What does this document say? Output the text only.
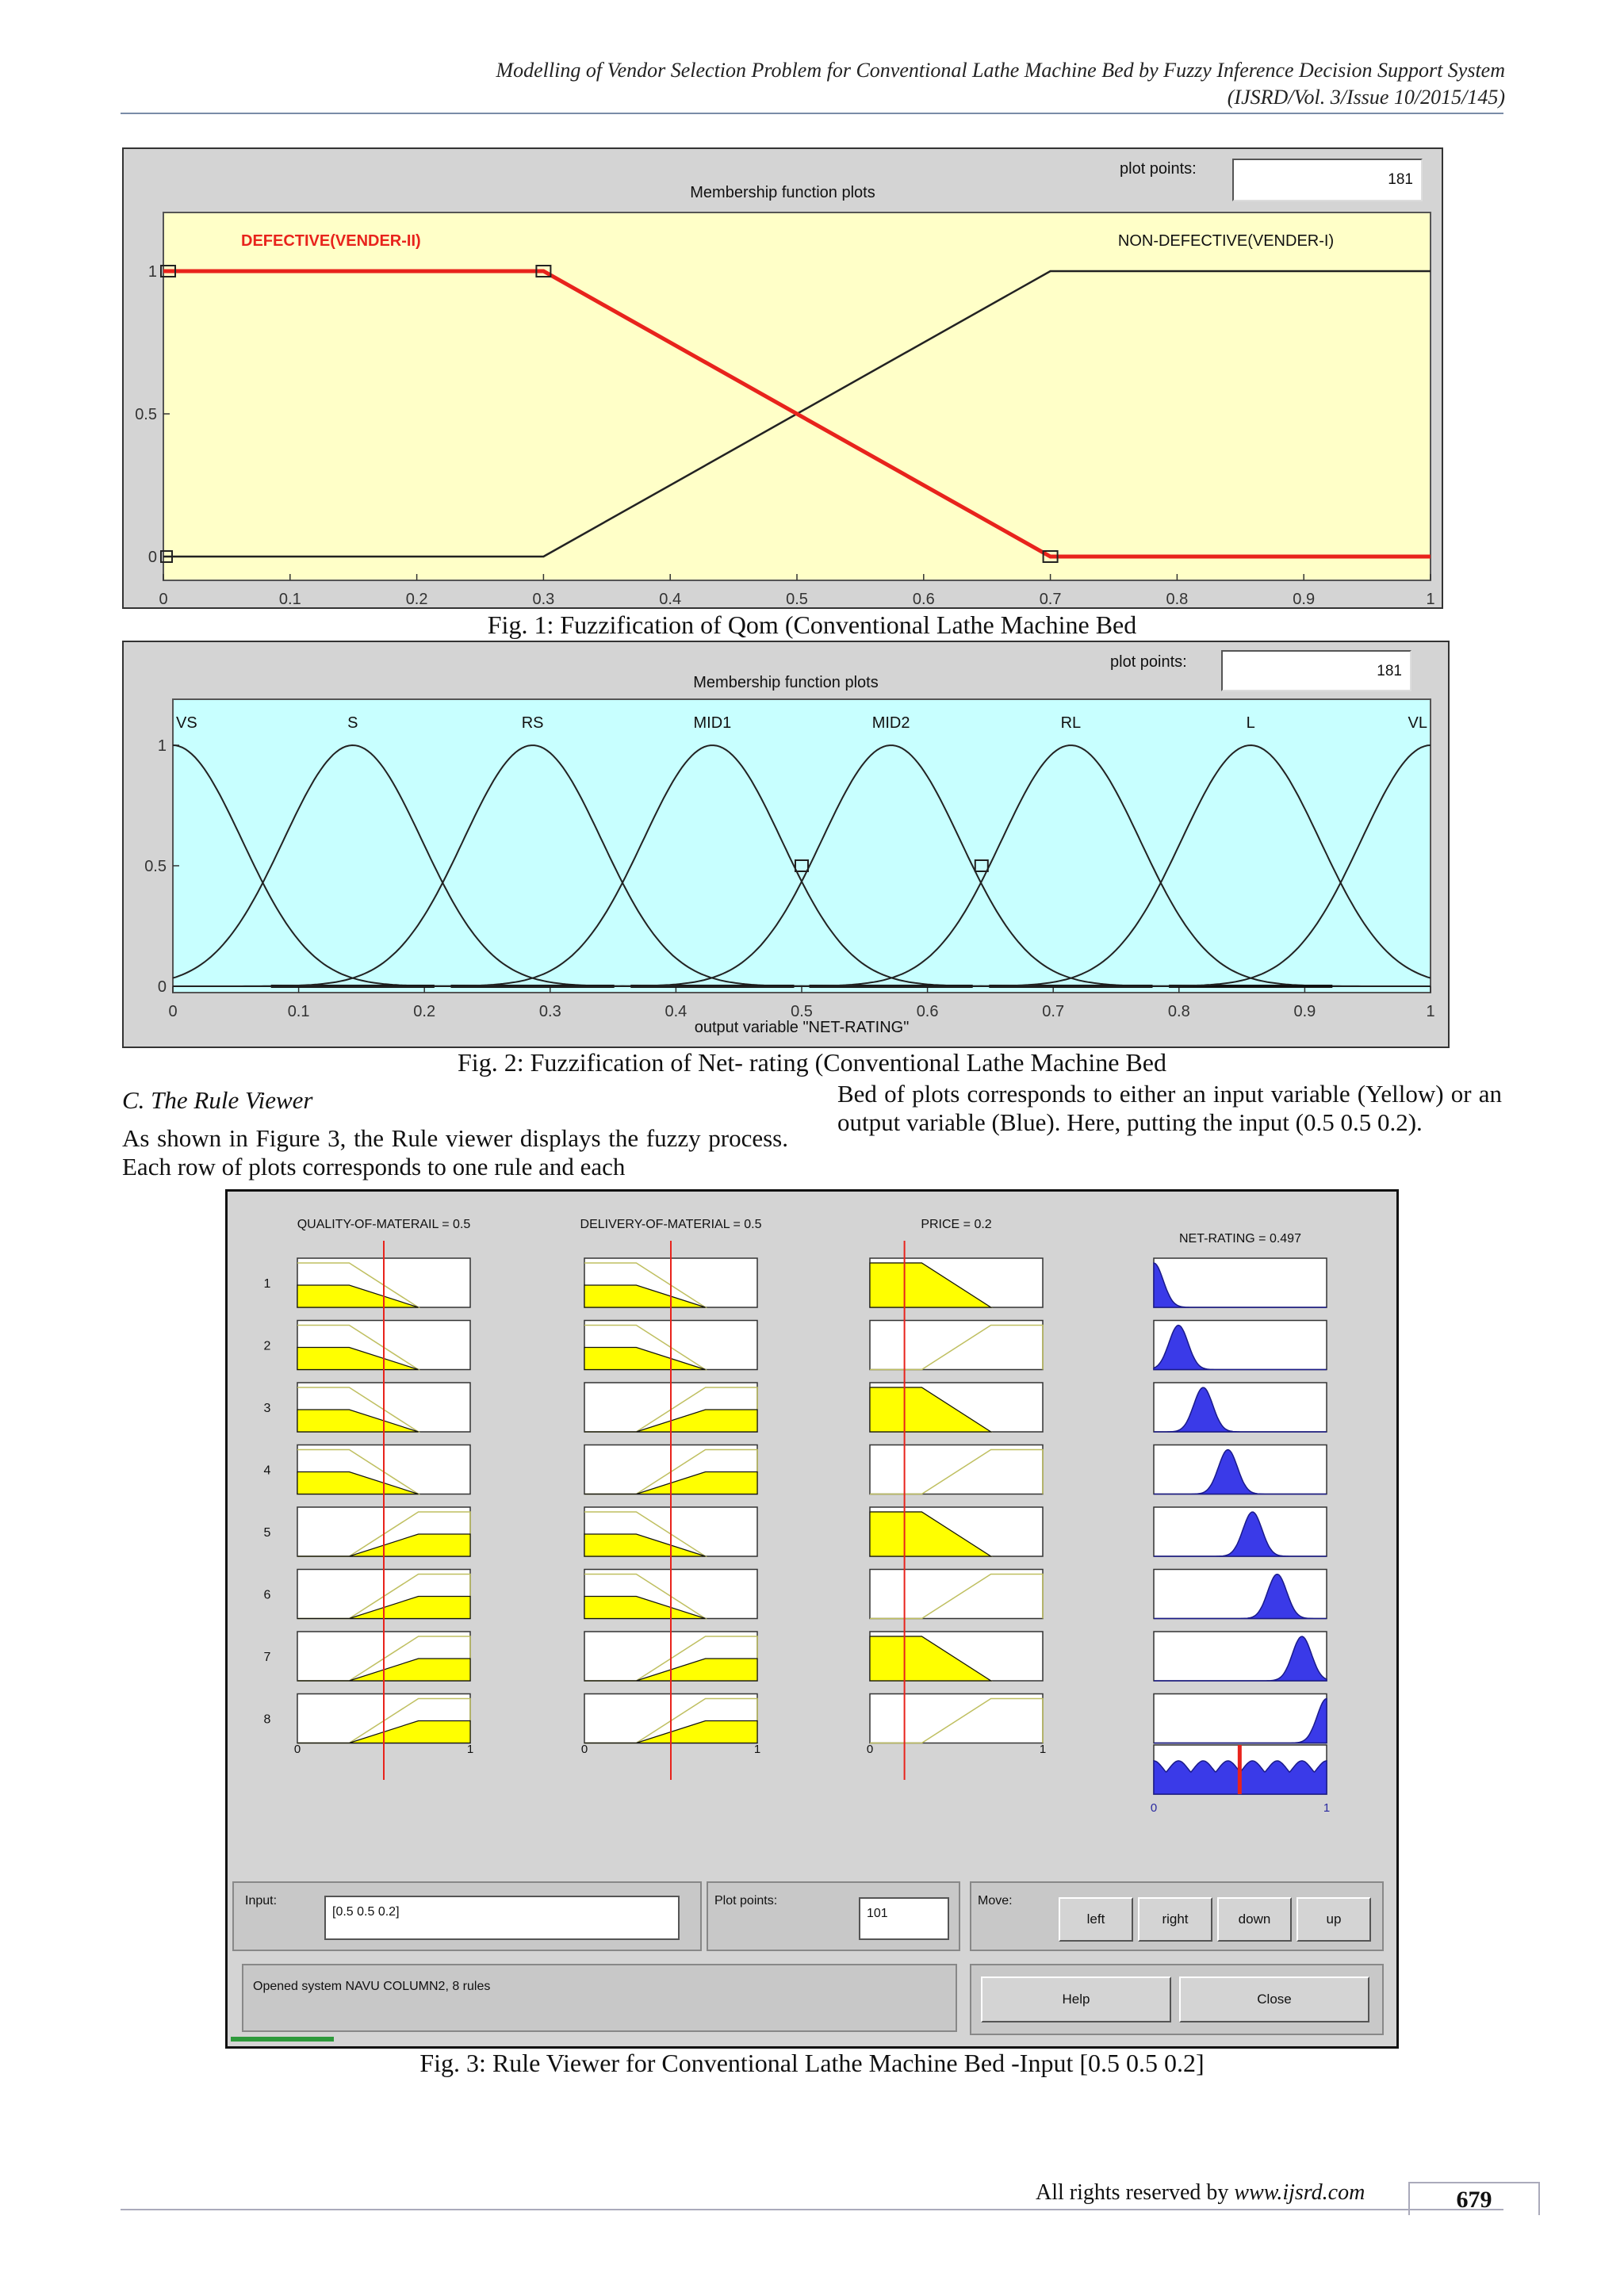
Modelling of Vendor Selection Problem for Conventional Lathe Machine Bed by Fuzzy Inference Decision Support System
(IJSRD/Vol. 3/Issue 10/2015/145)
Membership function plots
plot points:
181
0	0.1	0.2	0.3	0.4	0.5	0.6	0.7	0.8	0.9	1
0
0.5
1
DEFECTIVE(VENDER-II)	NON-DEFECTIVE(VENDER-I)
Fig. 1: Fuzzification of Qom (Conventional Lathe Machine Bed
Membership function plots
plot points:
181
0	0.1	0.2	0.3	0.4	0.5	0.6	0.7	0.8	0.9	1
0
0.5
1
output variable "NET-RATING"
VS	S	RS	MID1	MID2	RL	L	VL
Fig. 2: Fuzzification of Net- rating (Conventional Lathe Machine Bed
C. The Rule Viewer
As shown in Figure 3, the Rule viewer displays the fuzzy process. Each row of plots corresponds to one rule and each
Bed of plots corresponds to either an input variable (Yellow) or an output variable (Blue). Here, putting the input (0.5 0.5 0.2).
QUALITY-OF-MATERAIL = 0.5	DELIVERY-OF-MATERIAL = 0.5	PRICE = 0.2
NET-RATING = 0.497
1
2
3
4
5
6
7
8
0	1	0	1	0	1
0	1
Input:
[0.5 0.5 0.2]
Plot points:
101
Move:
left	right	down	up
Opened system NAVU COLUMN2, 8 rules
Help	Close
Fig. 3: Rule Viewer for Conventional Lathe Machine Bed -Input [0.5 0.5 0.2]
All rights reserved by www.ijsrd.com	679
